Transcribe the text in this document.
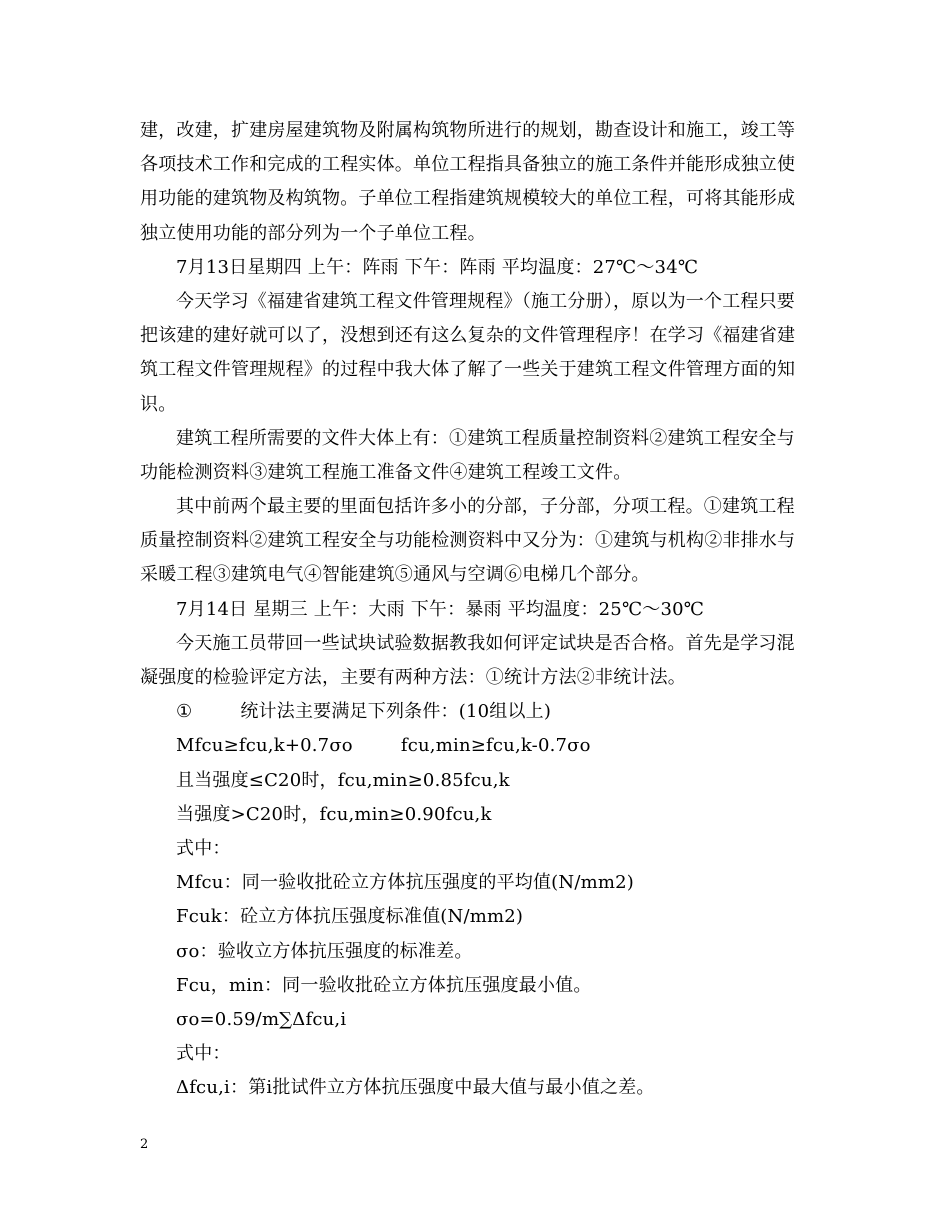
建，改建，扩建房屋建筑物及附属构筑物所进行的规划，勘查设计和施工，竣工等
各项技术工作和完成的工程实体。单位工程指具备独立的施工条件并能形成独立使
用功能的建筑物及构筑物。子单位工程指建筑规模较大的单位工程，可将其能形成
独立使用功能的部分列为一个子单位工程。
7月13日星期四 上午：阵雨 下午：阵雨 平均温度：27℃～34℃
今天学习《福建省建筑工程文件管理规程》（施工分册），原以为一个工程只要
把该建的建好就可以了，没想到还有这么复杂的文件管理程序！在学习《福建省建
筑工程文件管理规程》的过程中我大体了解了一些关于建筑工程文件管理方面的知
识。
建筑工程所需要的文件大体上有：①建筑工程质量控制资料②建筑工程安全与
功能检测资料③建筑工程施工准备文件④建筑工程竣工文件。
其中前两个最主要的里面包括许多小的分部，子分部，分项工程。①建筑工程
质量控制资料②建筑工程安全与功能检测资料中又分为：①建筑与机构②非排水与
采暖工程③建筑电气④智能建筑⑤通风与空调⑥电梯几个部分。
7月14日 星期三 上午：大雨 下午：暴雨 平均温度：25℃～30℃
今天施工员带回一些试块试验数据教我如何评定试块是否合格。首先是学习混
凝强度的检验评定方法，主要有两种方法：①统计方法②非统计法。
①	统计法主要满足下列条件：(10组以上)
Mfcu≥fcu,k+0.7σo	fcu,min≥fcu,k-0.7σo
且当强度≤C20时，fcu,min≥0.85fcu,k
当强度>C20时，fcu,min≥0.90fcu,k
式中：
Mfcu：同一验收批砼立方体抗压强度的平均值(N/mm2)
Fcuk：砼立方体抗压强度标准值(N/mm2)
σo：验收立方体抗压强度的标准差。
Fcu，min：同一验收批砼立方体抗压强度最小值。
σo=0.59/m∑Δfcu,i
式中：
Δfcu,i：第i批试件立方体抗压强度中最大值与最小值之差。
2
